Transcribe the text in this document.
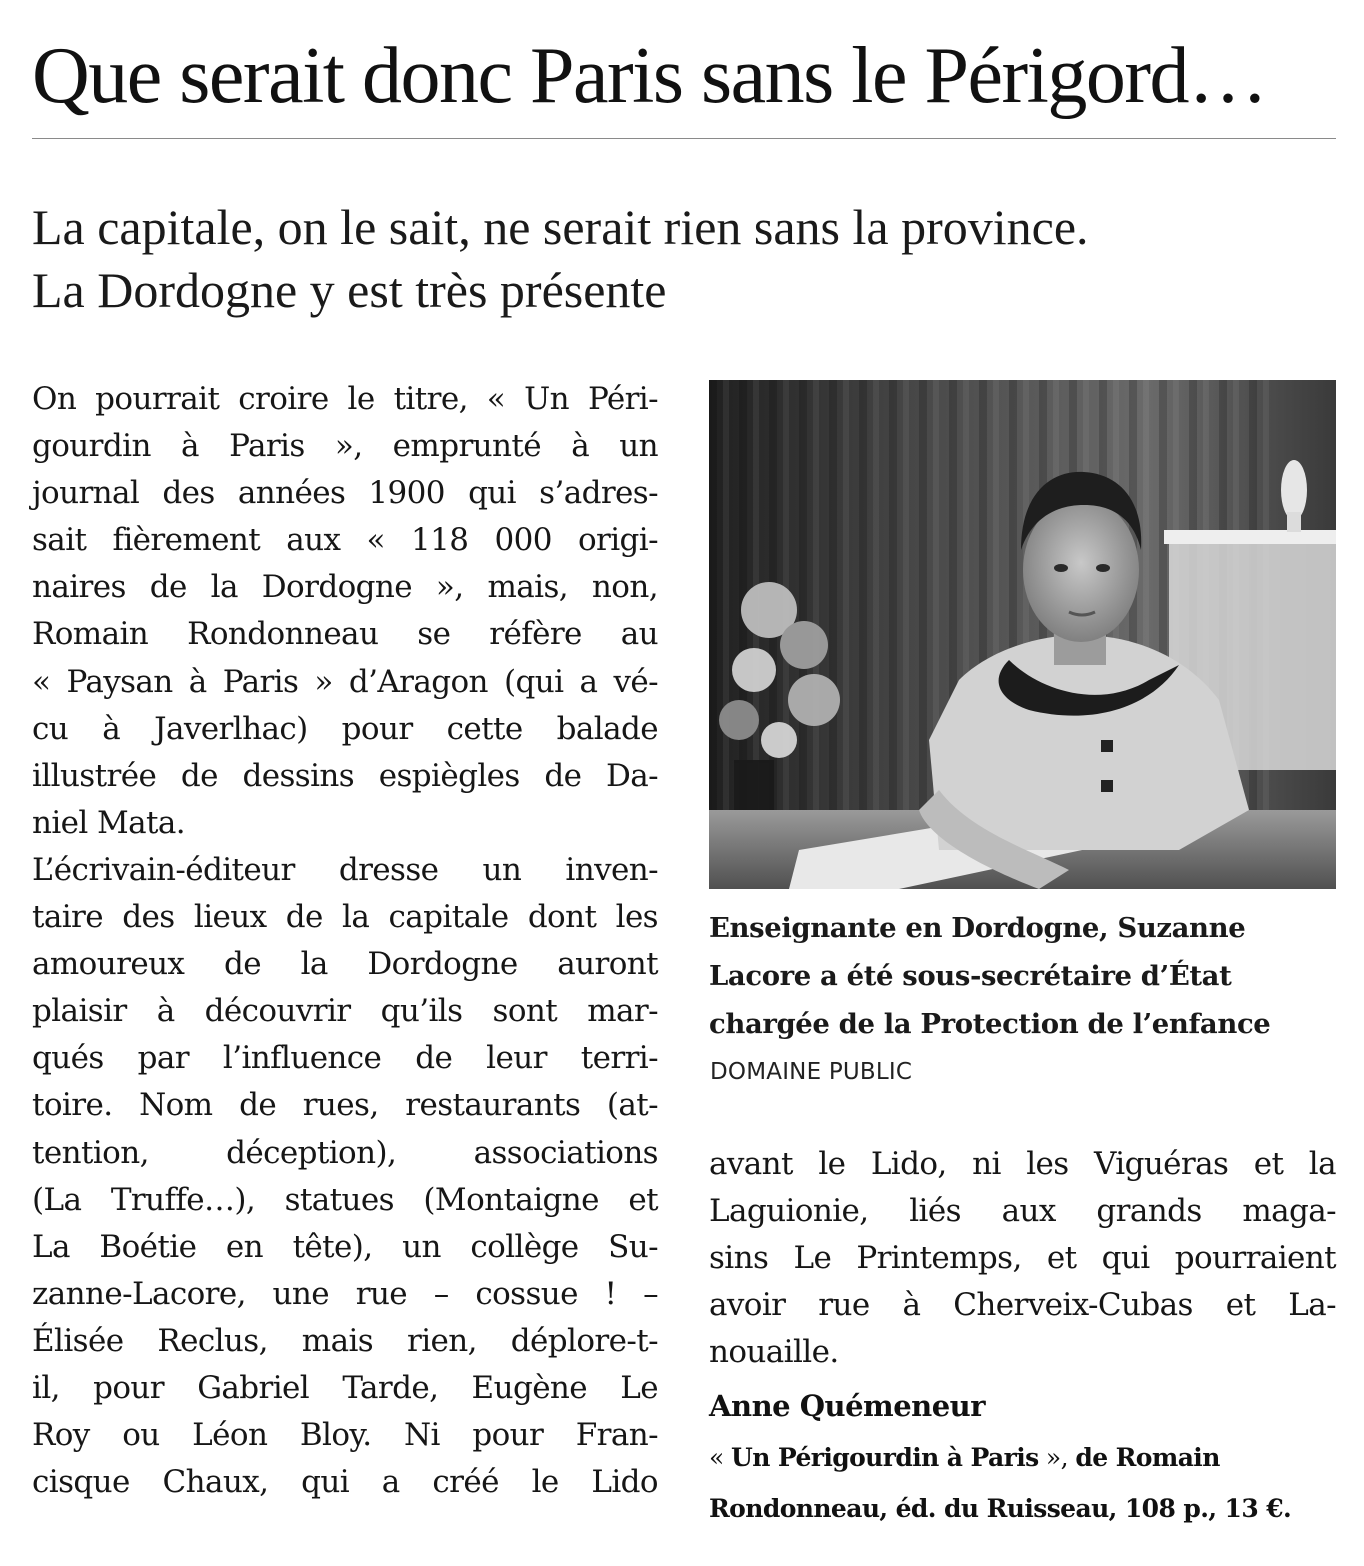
Que serait donc Paris sans le Périgord…
La capitale, on le sait, ne serait rien sans la province.
La Dordogne y est très présente
On pourrait croire le titre, « Un Péri-
gourdin à Paris », emprunté à un
journal des années 1900 qui s’adres-
sait fièrement aux « 118 000 origi-
naires de la Dordogne », mais, non,
Romain Rondonneau se réfère au
« Paysan à Paris » d’Aragon (qui a vé-
cu à Javerlhac) pour cette balade
illustrée de dessins espiègles de Da-
niel Mata.
L’écrivain-éditeur dresse un inven-
taire des lieux de la capitale dont les
amoureux de la Dordogne auront
plaisir à découvrir qu’ils sont mar-
qués par l’influence de leur terri-
toire. Nom de rues, restaurants (at-
tention, déception), associations
(La Truffe…), statues (Montaigne et
La Boétie en tête), un collège Su-
zanne-Lacore, une rue – cossue ! –
Élisée Reclus, mais rien, déplore-t-
il, pour Gabriel Tarde, Eugène Le
Roy ou Léon Bloy. Ni pour Fran-
cisque Chaux, qui a créé le Lido
Enseignante en Dordogne, Suzanne
Lacore a été sous-secrétaire d’État
chargée de la Protection de l’enfance
DOMAINE PUBLIC
avant le Lido, ni les Viguéras et la
Laguionie, liés aux grands maga-
sins Le Printemps, et qui pourraient
avoir rue à Cherveix-Cubas et La-
nouaille.
Anne Quémeneur
« Un Périgourdin à Paris », de Romain
Rondonneau, éd. du Ruisseau, 108 p., 13 €.
